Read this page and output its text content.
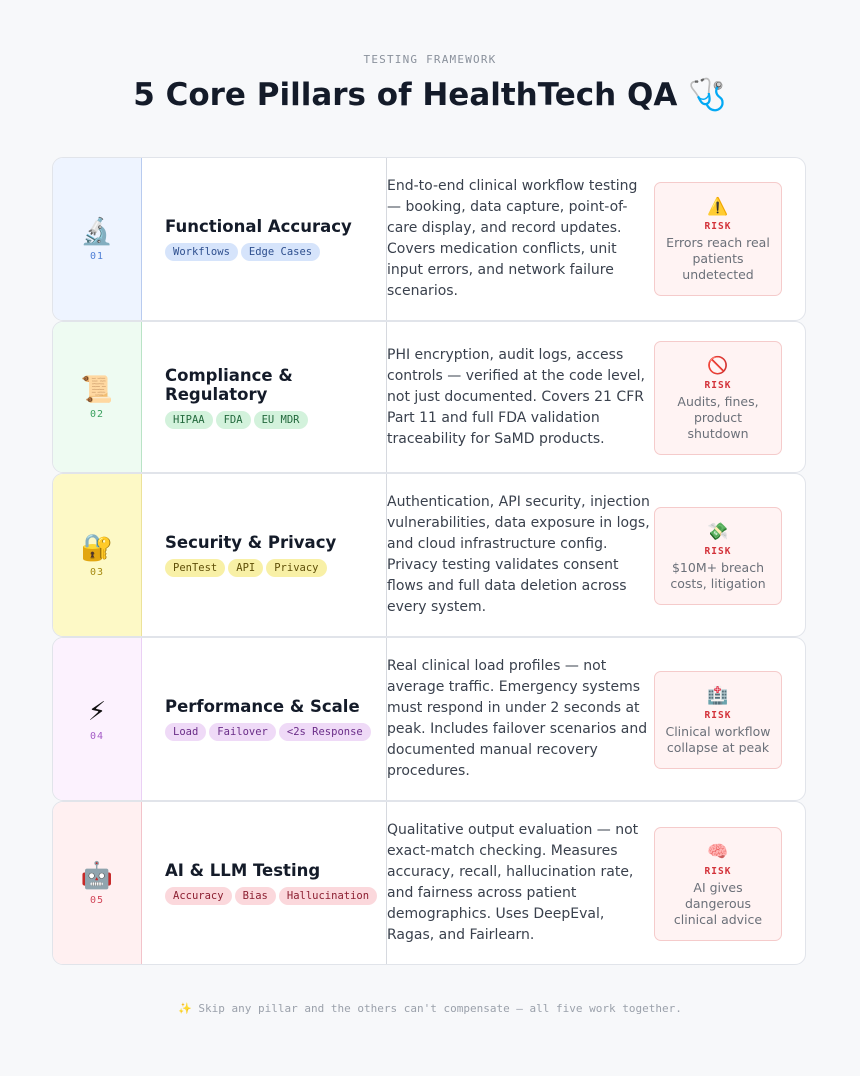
TESTING FRAMEWORK
5 Core Pillars of HealthTech QA 🩺
🔬
01
Functional Accuracy
Workflows	Edge Cases

End-to-end clinical workflow testing — booking, data capture, point-of-care display, and record updates. Covers medication conflicts, unit input errors, and network failure scenarios.

⚠️
RISK
Errors reach real patients undetected
📜
02
Compliance & Regulatory
HIPAA	FDA	EU MDR

PHI encryption, audit logs, access controls — verified at the code level, not just documented. Covers 21 CFR Part 11 and full FDA validation traceability for SaMD products.

🚫
RISK
Audits, fines, product shutdown
🔐
03
Security & Privacy
PenTest	API	Privacy

Authentication, API security, injection vulnerabilities, data exposure in logs, and cloud infrastructure config. Privacy testing validates consent flows and full data deletion across every system.

💸
RISK
$10M+ breach costs, litigation
⚡
04
Performance & Scale
Load	Failover	<2s Response

Real clinical load profiles — not average traffic. Emergency systems must respond in under 2 seconds at peak. Includes failover scenarios and documented manual recovery procedures.

🏥
RISK
Clinical workflow collapse at peak
🤖
05
AI & LLM Testing
Accuracy	Bias	Hallucination

Qualitative output evaluation — not exact-match checking. Measures accuracy, recall, hallucination rate, and fairness across patient demographics. Uses DeepEval, Ragas, and Fairlearn.

🧠
RISK
AI gives dangerous clinical advice
✨ Skip any pillar and the others can't compensate — all five work together.
